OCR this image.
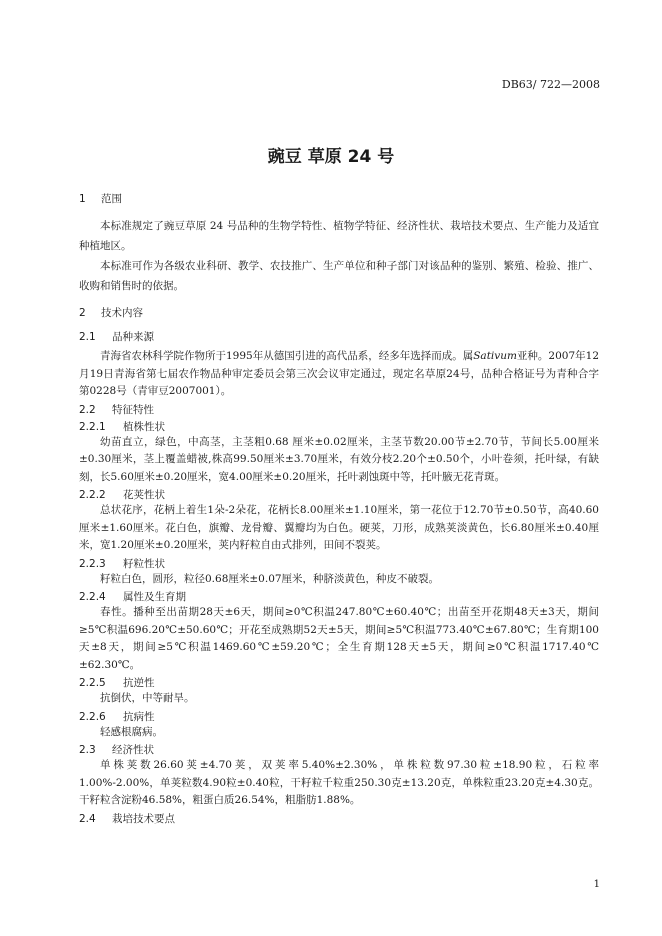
DB63/ 722—2008
豌豆 草原 24 号
1 范围

本标准规定了豌豆草原 24 号品种的生物学特性、植物学特征、经济性状、栽培技术要点、生产能力及适宜种植地区。

本标准可作为各级农业科研、教学、农技推广、生产单位和种子部门对该品种的鉴别、繁殖、检验、推广、收购和销售时的依据。

2 技术内容
2.1 品种来源

青海省农林科学院作物所于1995年从德国引进的高代品系，经多年选择而成。属Sativum亚种。2007年12月19日青海省第七届农作物品种审定委员会第三次会议审定通过，现定名草原24号，品种合格证号为青种合字第0228号（青审豆2007001）。

2.2 特征特性
2.2.1 植株性状

幼苗直立，绿色，中高茎，主茎粗0.68 厘米±0.02厘米，主茎节数20.00节±2.70节，节间长5.00厘米±0.30厘米，茎上覆盖蜡被,株高99.50厘米±3.70厘米，有效分枝2.20个±0.50个，小叶卷须，托叶绿，有缺刻，长5.60厘米±0.20厘米，宽4.00厘米±0.20厘米，托叶剥蚀斑中等，托叶腋无花青斑。

2.2.2 花荚性状

总状花序，花柄上着生1朵-2朵花，花柄长8.00厘米±1.10厘米，第一花位于12.70节±0.50节，高40.60厘米±1.60厘米。花白色，旗瓣、龙骨瓣、翼瓣均为白色。硬荚，刀形，成熟荚淡黄色，长6.80厘米±0.40厘米，宽1.20厘米±0.20厘米，荚内籽粒自由式排列，田间不裂荚。

2.2.3 籽粒性状

籽粒白色，圆形，粒径0.68厘米±0.07厘米，种脐淡黄色，种皮不破裂。

2.2.4 属性及生育期

春性。播种至出苗期28天±6天，期间≥0℃积温247.80℃±60.40℃；出苗至开花期48天±3天，期间≥5℃积温696.20℃±50.60℃；开花至成熟期52天±5天，期间≥5℃积温773.40℃±67.80℃；生育期100天±8天，期间≥5℃积温1469.60℃±59.20℃；全生育期128天±5天，期间≥0℃积温1717.40℃±62.30℃。

2.2.5 抗逆性

抗倒伏，中等耐旱。

2.2.6 抗病性

轻感根腐病。

2.3 经济性状

单株荚数26.60荚±4.70荚，双荚率5.40%±2.30%，单株粒数97.30粒±18.90粒，石粒率1.00%-2.00%，单荚粒数4.90粒±0.40粒，干籽粒千粒重250.30克±13.20克，单株粒重23.20克±4.30克。干籽粒含淀粉46.58%，粗蛋白质26.54%，粗脂肪1.88%。

2.4 栽培技术要点
1
